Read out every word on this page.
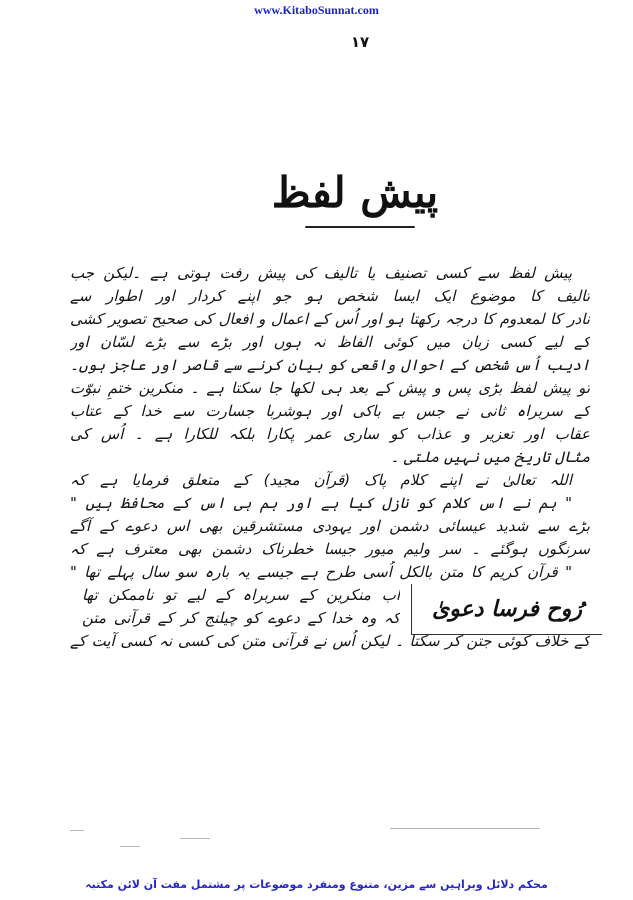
www.KitaboSunnat.com
١٧
پیش لفظ
پیش لفظ سے کسی تصنیف یا تالیف کی پیش رفت ہوتی ہے ۔لیکن جب
تالیف کا موضوع ایک ایسا شخص ہو جو اپنے کردار اور اطوار سے
نادر کا لمعدوم کا درجہ رکھتا ہو اور اُس کے اعمال و افعال کی صحیح تصویر کشی
کے لیے کسی زبان میں کوئی الفاظ نہ ہوں اور بڑے سے بڑے لسّان اور
ادیب اُس شخص کے احوال واقعی کو بیان کرنے سے قاصر اور عاجز ہوں۔
تو پیش لفظ بڑی پس و پیش کے بعد ہی لکھا جا سکتا ہے ۔ منکرین ختمِ نبوّت
کے سربراہ ثانی نے جس بے باکی اور ہوشربا جسارت سے خدا کے عتاب
عقاب اور تعزیر و عذاب کو ساری عمر پکارا بلکہ للکارا ہے ۔ اُس کی
مثال تاریخ میں نہیں ملتی ۔
اللہ تعالیٰ نے اپنے کلام پاک (قرآن مجید) کے متعلق فرمایا ہے کہ
" ہم نے اس کلام کو نازل کیا ہے اور ہم ہی اس کے محافظ ہیں "
بڑے سے شدید عیسائی دشمن اور یہودی مستشرقین بھی اس دعوے کے آگے
سرنگوں ہوگئے ۔ سر ولیم میور جیسا خطرناک دشمن بھی معترف ہے کہ
" قرآن کریم کا متن بالکل اُسی طرح ہے جیسے یہ بارہ سو سال پہلے تھا "
رُوح فرسا دعویٰ
اب منکرین کے سربراہ کے لیے تو ناممکن تھا
کہ وہ خدا کے دعوے کو چیلنج کر کے قرآنی متن
کے خلاف کوئی جتن کر سکتا ۔ لیکن اُس نے قرآنی متن کی کسی نہ کسی آیت کے
محکم دلائل وبراہین سے مزین، متنوع ومنفرد موضوعات پر مشتمل مفت آن لائن مکتبہ
